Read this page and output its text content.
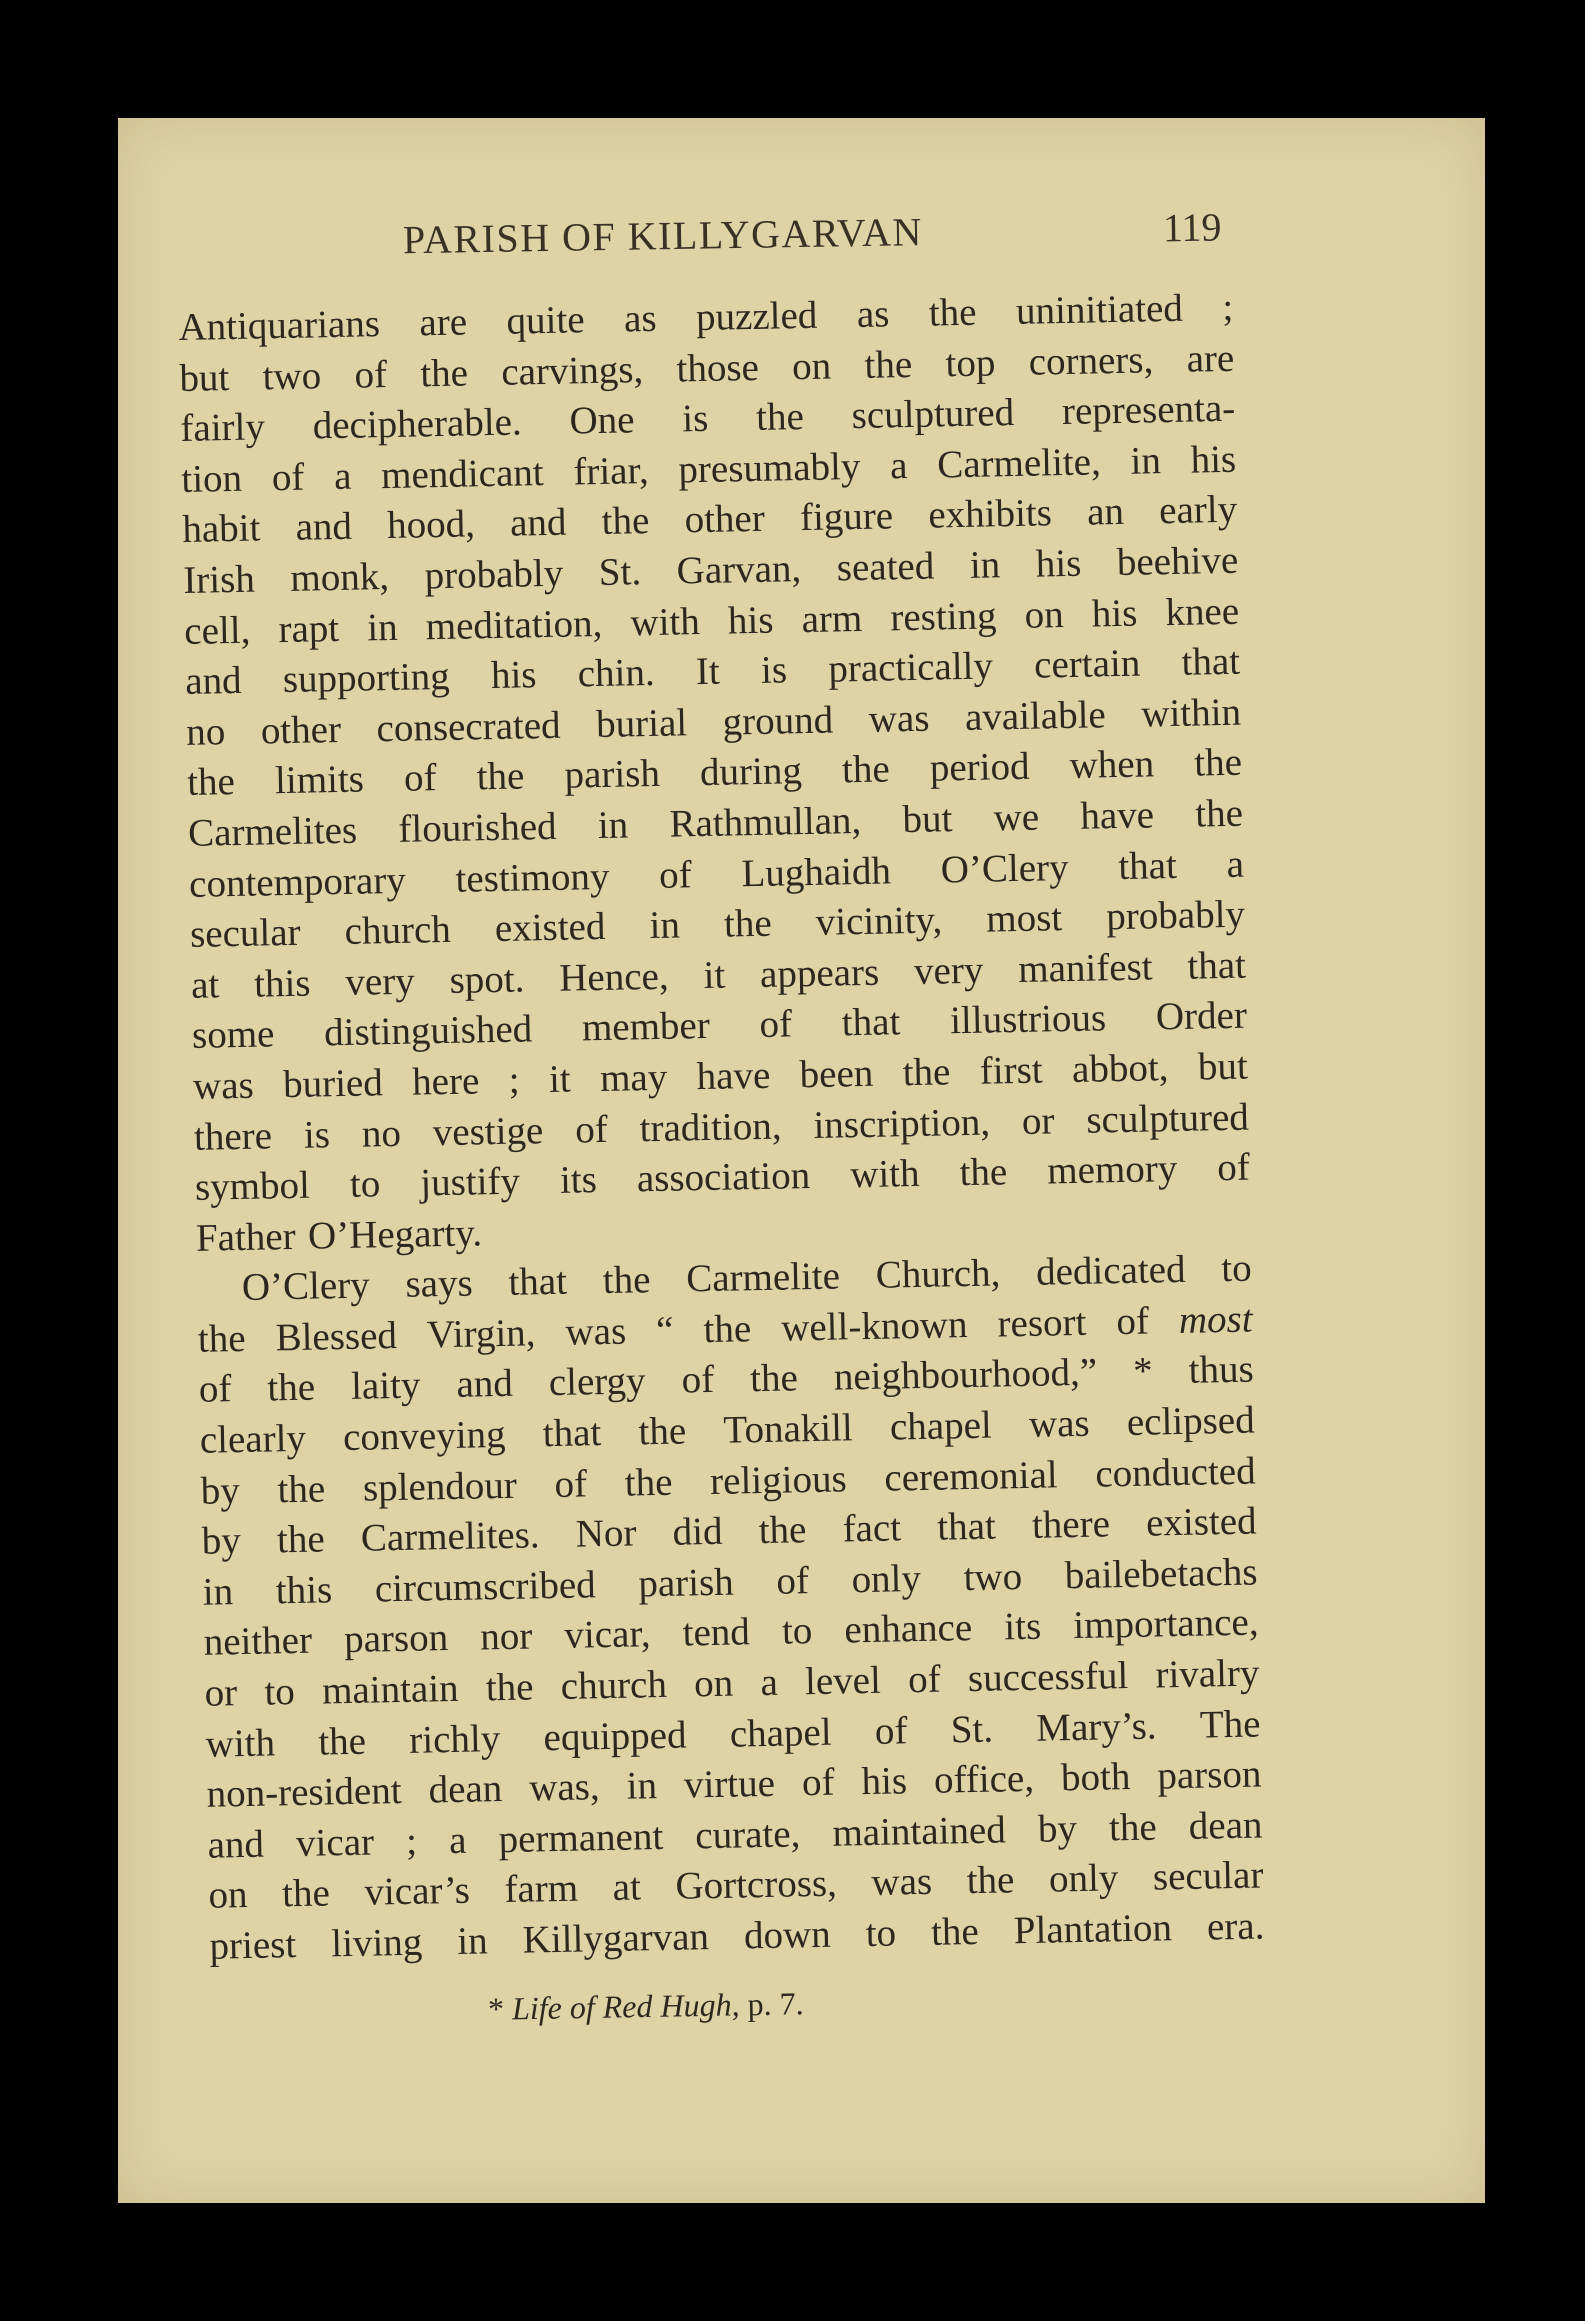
PARISH OF KILLYGARVAN	119
Antiquarians are quite as puzzled as the uninitiated ;
but two of the carvings, those on the top corners, are
fairly decipherable. One is the sculptured representa-
tion of a mendicant friar, presumably a Carmelite, in his
habit and hood, and the other figure exhibits an early
Irish monk, probably St. Garvan, seated in his beehive
cell, rapt in meditation, with his arm resting on his knee
and supporting his chin. It is practically certain that
no other consecrated burial ground was available within
the limits of the parish during the period when the
Carmelites flourished in Rathmullan, but we have the
contemporary testimony of Lughaidh O’Clery that a
secular church existed in the vicinity, most probably
at this very spot. Hence, it appears very manifest that
some distinguished member of that illustrious Order
was buried here ; it may have been the first abbot, but
there is no vestige of tradition, inscription, or sculptured
symbol to justify its association with the memory of
Father O’Hegarty.
O’Clery says that the Carmelite Church, dedicated to
the Blessed Virgin, was “ the well-known resort of most
of the laity and clergy of the neighbourhood,” * thus
clearly conveying that the Tonakill chapel was eclipsed
by the splendour of the religious ceremonial conducted
by the Carmelites. Nor did the fact that there existed
in this circumscribed parish of only two bailebetachs
neither parson nor vicar, tend to enhance its importance,
or to maintain the church on a level of successful rivalry
with the richly equipped chapel of St. Mary’s. The
non-resident dean was, in virtue of his office, both parson
and vicar ; a permanent curate, maintained by the dean
on the vicar’s farm at Gortcross, was the only secular
priest living in Killygarvan down to the Plantation era.
* Life of Red Hugh, p. 7.
